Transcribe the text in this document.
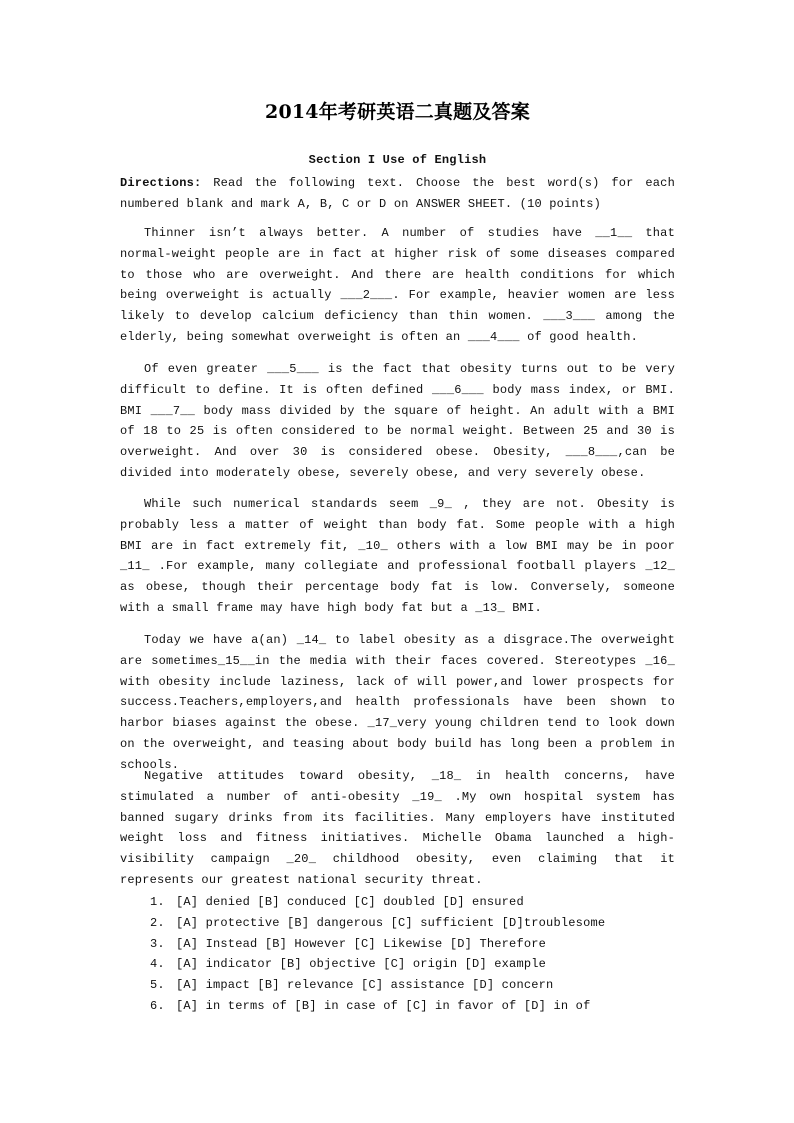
2014年考研英语二真题及答案
Section I Use of English
Directions: Read the following text. Choose the best word(s) for each numbered blank and mark A, B, C or D on ANSWER SHEET. (10 points)

Thinner isn’t always better. A number of studies have __1__ that normal-weight people are in fact at higher risk of some diseases compared to those who are overweight. And there are health conditions for which being overweight is actually ___2___. For example, heavier women are less likely to develop calcium deficiency than thin women. ___3___ among the elderly, being somewhat overweight is often an ___4___ of good health.

Of even greater ___5___ is the fact that obesity turns out to be very difficult to define. It is often defined ___6___ body mass index, or BMI. BMI ___7__ body mass divided by the square of height. An adult with a BMI of 18 to 25 is often considered to be normal weight. Between 25 and 30 is overweight. And over 30 is considered obese. Obesity, ___8___,can be divided into moderately obese, severely obese, and very severely obese.

While such numerical standards seem _9_ , they are not. Obesity is probably less a matter of weight than body fat. Some people with a high BMI are in fact extremely fit, _10_ others with a low BMI may be in poor _11_ .For example, many collegiate and professional football players _12_ as obese, though their percentage body fat is low. Conversely, someone with a small frame may have high body fat but a _13_ BMI.

Today we have a(an) _14_ to label obesity as a disgrace.The overweight are sometimes_15__in the media with their faces covered. Stereotypes _16_ with obesity include laziness, lack of will power,and lower prospects for success.Teachers,employers,and health professionals have been shown to harbor biases against the obese. _17_very young children tend to look down on the overweight, and teasing about body build has long been a problem in schools.

Negative attitudes toward obesity, _18_ in health concerns, have stimulated a number of anti-obesity _19_ .My own hospital system has banned sugary drinks from its facilities. Many employers have instituted weight loss and fitness initiatives. Michelle Obama launched a high-visibility campaign _20_ childhood obesity, even claiming that it represents our greatest national security threat.

1. [A] denied [B] conduced [C] doubled [D] ensured
2. [A] protective [B] dangerous [C] sufficient [D]troublesome
3. [A] Instead [B] However [C] Likewise [D] Therefore
4. [A] indicator [B] objective [C] origin [D] example
5. [A] impact [B] relevance [C] assistance [D] concern
6. [A] in terms of [B] in case of [C] in favor of [D] in of
